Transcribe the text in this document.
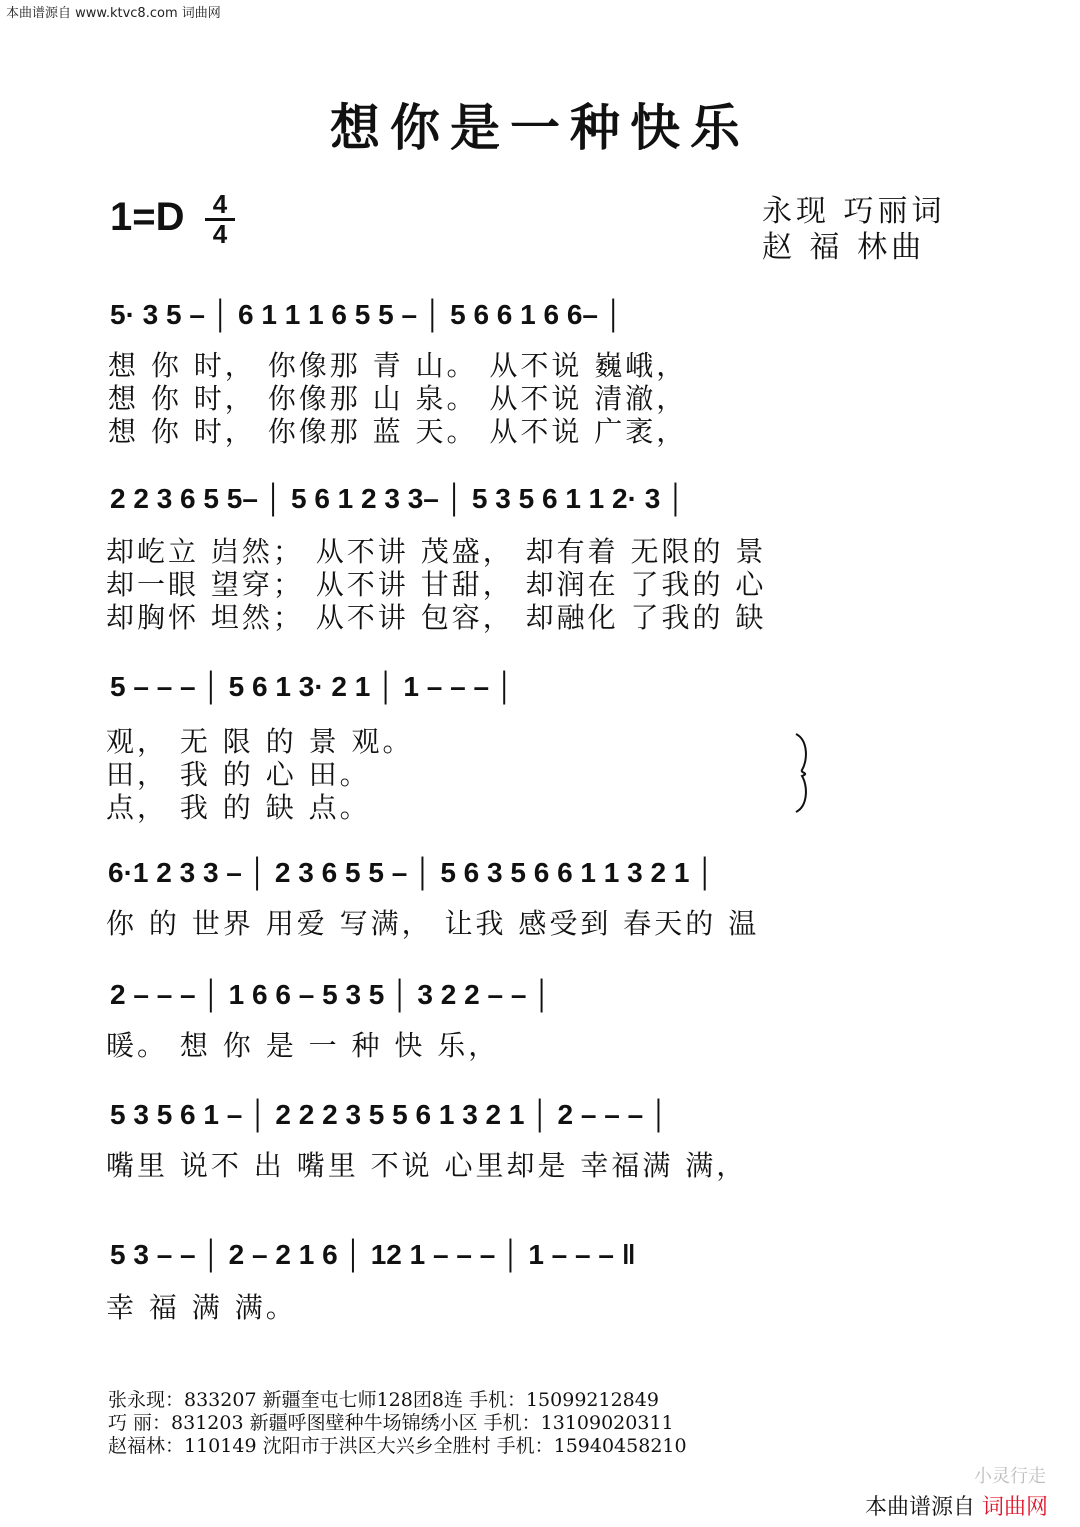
本曲谱源自 www.ktvc8.com 词曲网
想你是一种快乐
1=D 4
4
永现 巧丽词
赵 福 林曲
5· 3 5 – │ 6 1 1 1 6 5 5 – │ 5 6 6 1 6 6– │
想 你 时， 你像那 青 山。 从不说 巍峨，
想 你 时， 你像那 山 泉。 从不说 清澈，
想 你 时， 你像那 蓝 天。 从不说 广袤，
2 2 3 6 5 5– │ 5 6 1 2 3 3– │ 5 3 5 6 1 1 2· 3 │
却屹立 岿然； 从不讲 茂盛， 却有着 无限的 景
却一眼 望穿； 从不讲 甘甜， 却润在 了我的 心
却胸怀 坦然； 从不讲 包容， 却融化 了我的 缺
5 – – – │ 5 6 1 3· 2 1 │ 1 – – – │
观， 无 限 的 景 观。
田， 我 的 心 田。
点， 我 的 缺 点。
6·1 2 3 3 – │ 2 3 6 5 5 – │ 5 6 3 5 6 6 1 1 3 2 1 │
你 的 世界 用爱 写满， 让我 感受到 春天的 温
2 – – – │ 1 6 6 – 5 3 5 │ 3 2 2 – – │
暖。 想 你 是 一 种 快 乐，
5 3 5 6 1 – │ 2 2 2 3 5 5 6 1 3 2 1 │ 2 – – – │
嘴里 说不 出 嘴里 不说 心里却是 幸福满 满，
5 3 – – │ 2 – 2 1 6 │ 12 1 – – – │ 1 – – – ‖
幸 福 满 满。
张永现：833207 新疆奎屯七师128团8连 手机：15099212849
巧 丽：831203 新疆呼图壁种牛场锦绣小区 手机：13109020311
赵福林：110149 沈阳市于洪区大兴乡全胜村 手机：15940458210
小灵行走
本曲谱源自 词曲网
